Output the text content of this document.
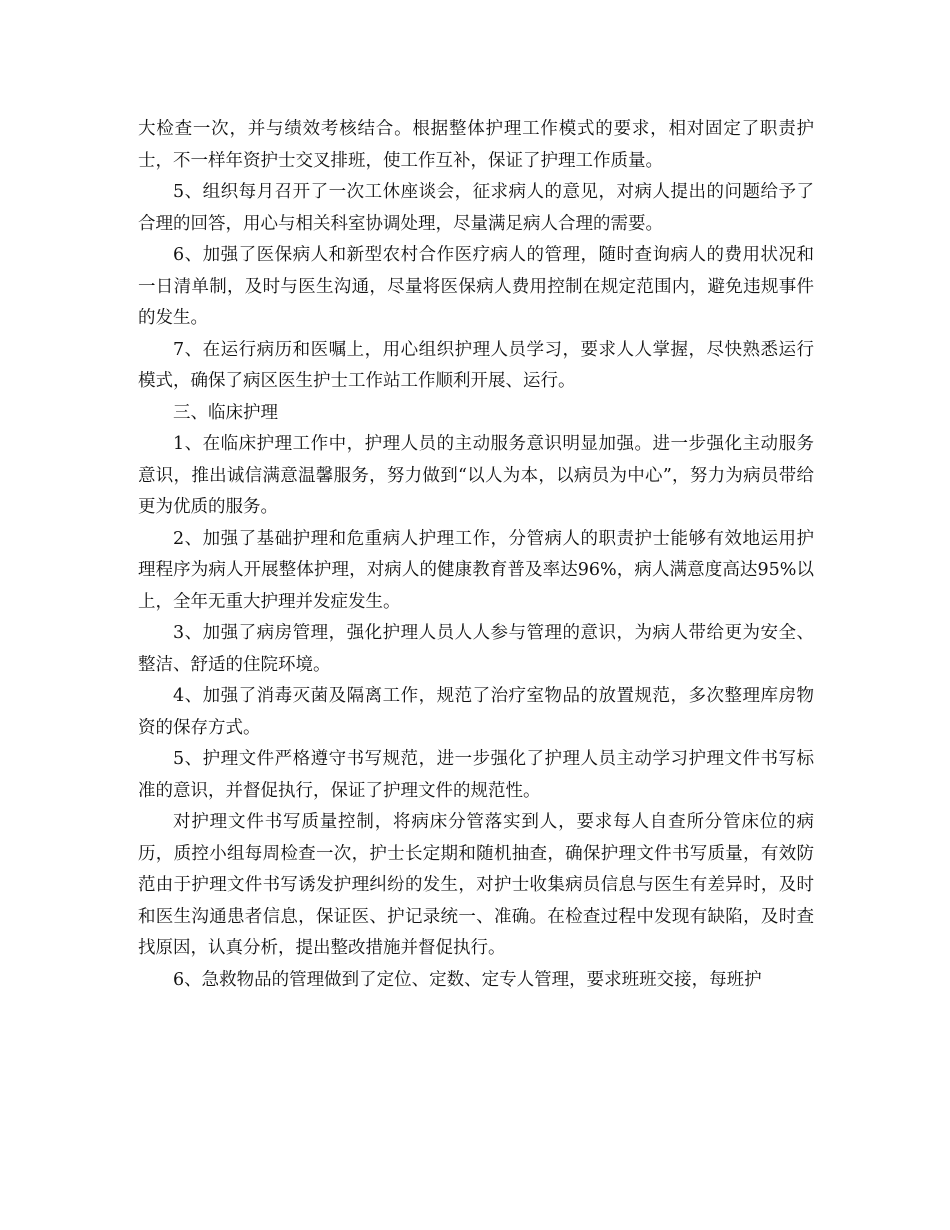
大检查一次，并与绩效考核结合。根据整体护理工作模式的要求，相对固定了职责护士，不一样年资护士交叉排班，使工作互补，保证了护理工作质量。

5、组织每月召开了一次工休座谈会，征求病人的意见，对病人提出的问题给予了合理的回答，用心与相关科室协调处理，尽量满足病人合理的需要。

6、加强了医保病人和新型农村合作医疗病人的管理，随时查询病人的费用状况和一日清单制，及时与医生沟通，尽量将医保病人费用控制在规定范围内，避免违规事件的发生。

7、在运行病历和医嘱上，用心组织护理人员学习，要求人人掌握，尽快熟悉运行模式，确保了病区医生护士工作站工作顺利开展、运行。

三、临床护理

1、在临床护理工作中，护理人员的主动服务意识明显加强。进一步强化主动服务意识，推出诚信满意温馨服务，努力做到“以人为本，以病员为中心”，努力为病员带给更为优质的服务。

2、加强了基础护理和危重病人护理工作，分管病人的职责护士能够有效地运用护理程序为病人开展整体护理，对病人的健康教育普及率达96%，病人满意度高达95%以上，全年无重大护理并发症发生。

3、加强了病房管理，强化护理人员人人参与管理的意识，为病人带给更为安全、整洁、舒适的住院环境。

4、加强了消毒灭菌及隔离工作，规范了治疗室物品的放置规范，多次整理库房物资的保存方式。

5、护理文件严格遵守书写规范，进一步强化了护理人员主动学习护理文件书写标准的意识，并督促执行，保证了护理文件的规范性。

对护理文件书写质量控制，将病床分管落实到人，要求每人自查所分管床位的病历，质控小组每周检查一次，护士长定期和随机抽查，确保护理文件书写质量，有效防范由于护理文件书写诱发护理纠纷的发生，对护士收集病员信息与医生有差异时，及时和医生沟通患者信息，保证医、护记录统一、准确。在检查过程中发现有缺陷，及时查找原因，认真分析，提出整改措施并督促执行。

6、急救物品的管理做到了定位、定数、定专人管理，要求班班交接，每班护
